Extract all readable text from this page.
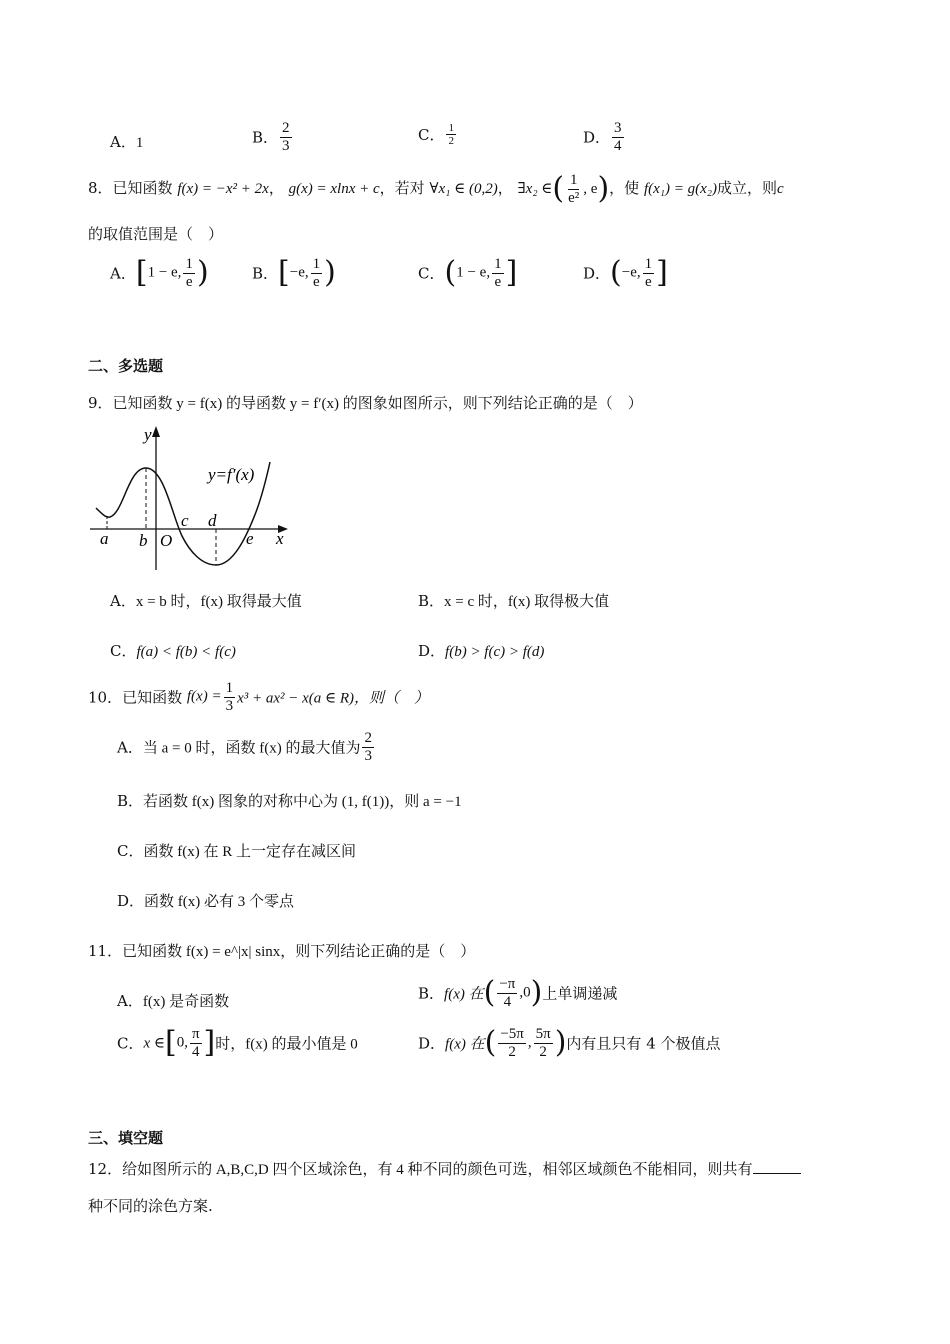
A．1	B． $\frac{2}{3}$	C． $\frac{1}{2}$	D． $\frac{3}{4}$
8．已知函数 f(x) = −x² + 2x， g(x) = xlnx + c，若对 ∀x₁ ∈ (0,2)， ∃x₂ ∈( $\frac{1}{\text{e²}}$ , e)，使 f(x₁) = g(x₂)成立，则c
的取值范围是（　）
A．[1 − e, $\frac{1}{e}$ )	B．[−e, $\frac{1}{e}$ )	C．(1 − e, $\frac{1}{e}$ ]	D．(−e, $\frac{1}{e}$ ]
二、多选题
9．已知函数 y = f(x) 的导函数 y = f′(x) 的图象如图所示，则下列结论正确的是（　）
y
x
y=f′(x)
a b O
c d
e
A．x = b 时，f(x) 取得最大值	B．x = c 时，f(x) 取得极大值
C．f(a) < f(b) < f(c)	D．f(b) > f(c) > f(d)
10．已知函数 $f(x) = \frac{1}{3} x^3 + ax^2 - x(a$ ∈ R)，则（　）
A．当 a = 0 时，函数 f(x) 的最大值为 $\frac{2}{3}$
B．若函数 f(x) 图象的对称中心为 (1, f(1))，则 a = −1
C．函数 f(x) 在 R 上一定存在减区间
D．函数 f(x) 必有 3 个零点
11．已知函数 f(x) = e^|x| sinx，则下列结论正确的是（　）
A．f(x) 是奇函数	B．f(x) 在( $\frac{-\pi}{4} ,0$)上单调递减
C．x ∈[0, $\frac{\pi}{4}$ ]时，f(x) 的最小值是 0	D．f(x) 在( $\frac{-5\pi}{2}$ , $\frac{5\pi}{2}$ )内有且只有 4 个极值点
三、填空题
12．给如图所示的 A,B,C,D 四个区域涂色，有 4 种不同的颜色可选，相邻区域颜色不能相同，则共有
种不同的涂色方案.
